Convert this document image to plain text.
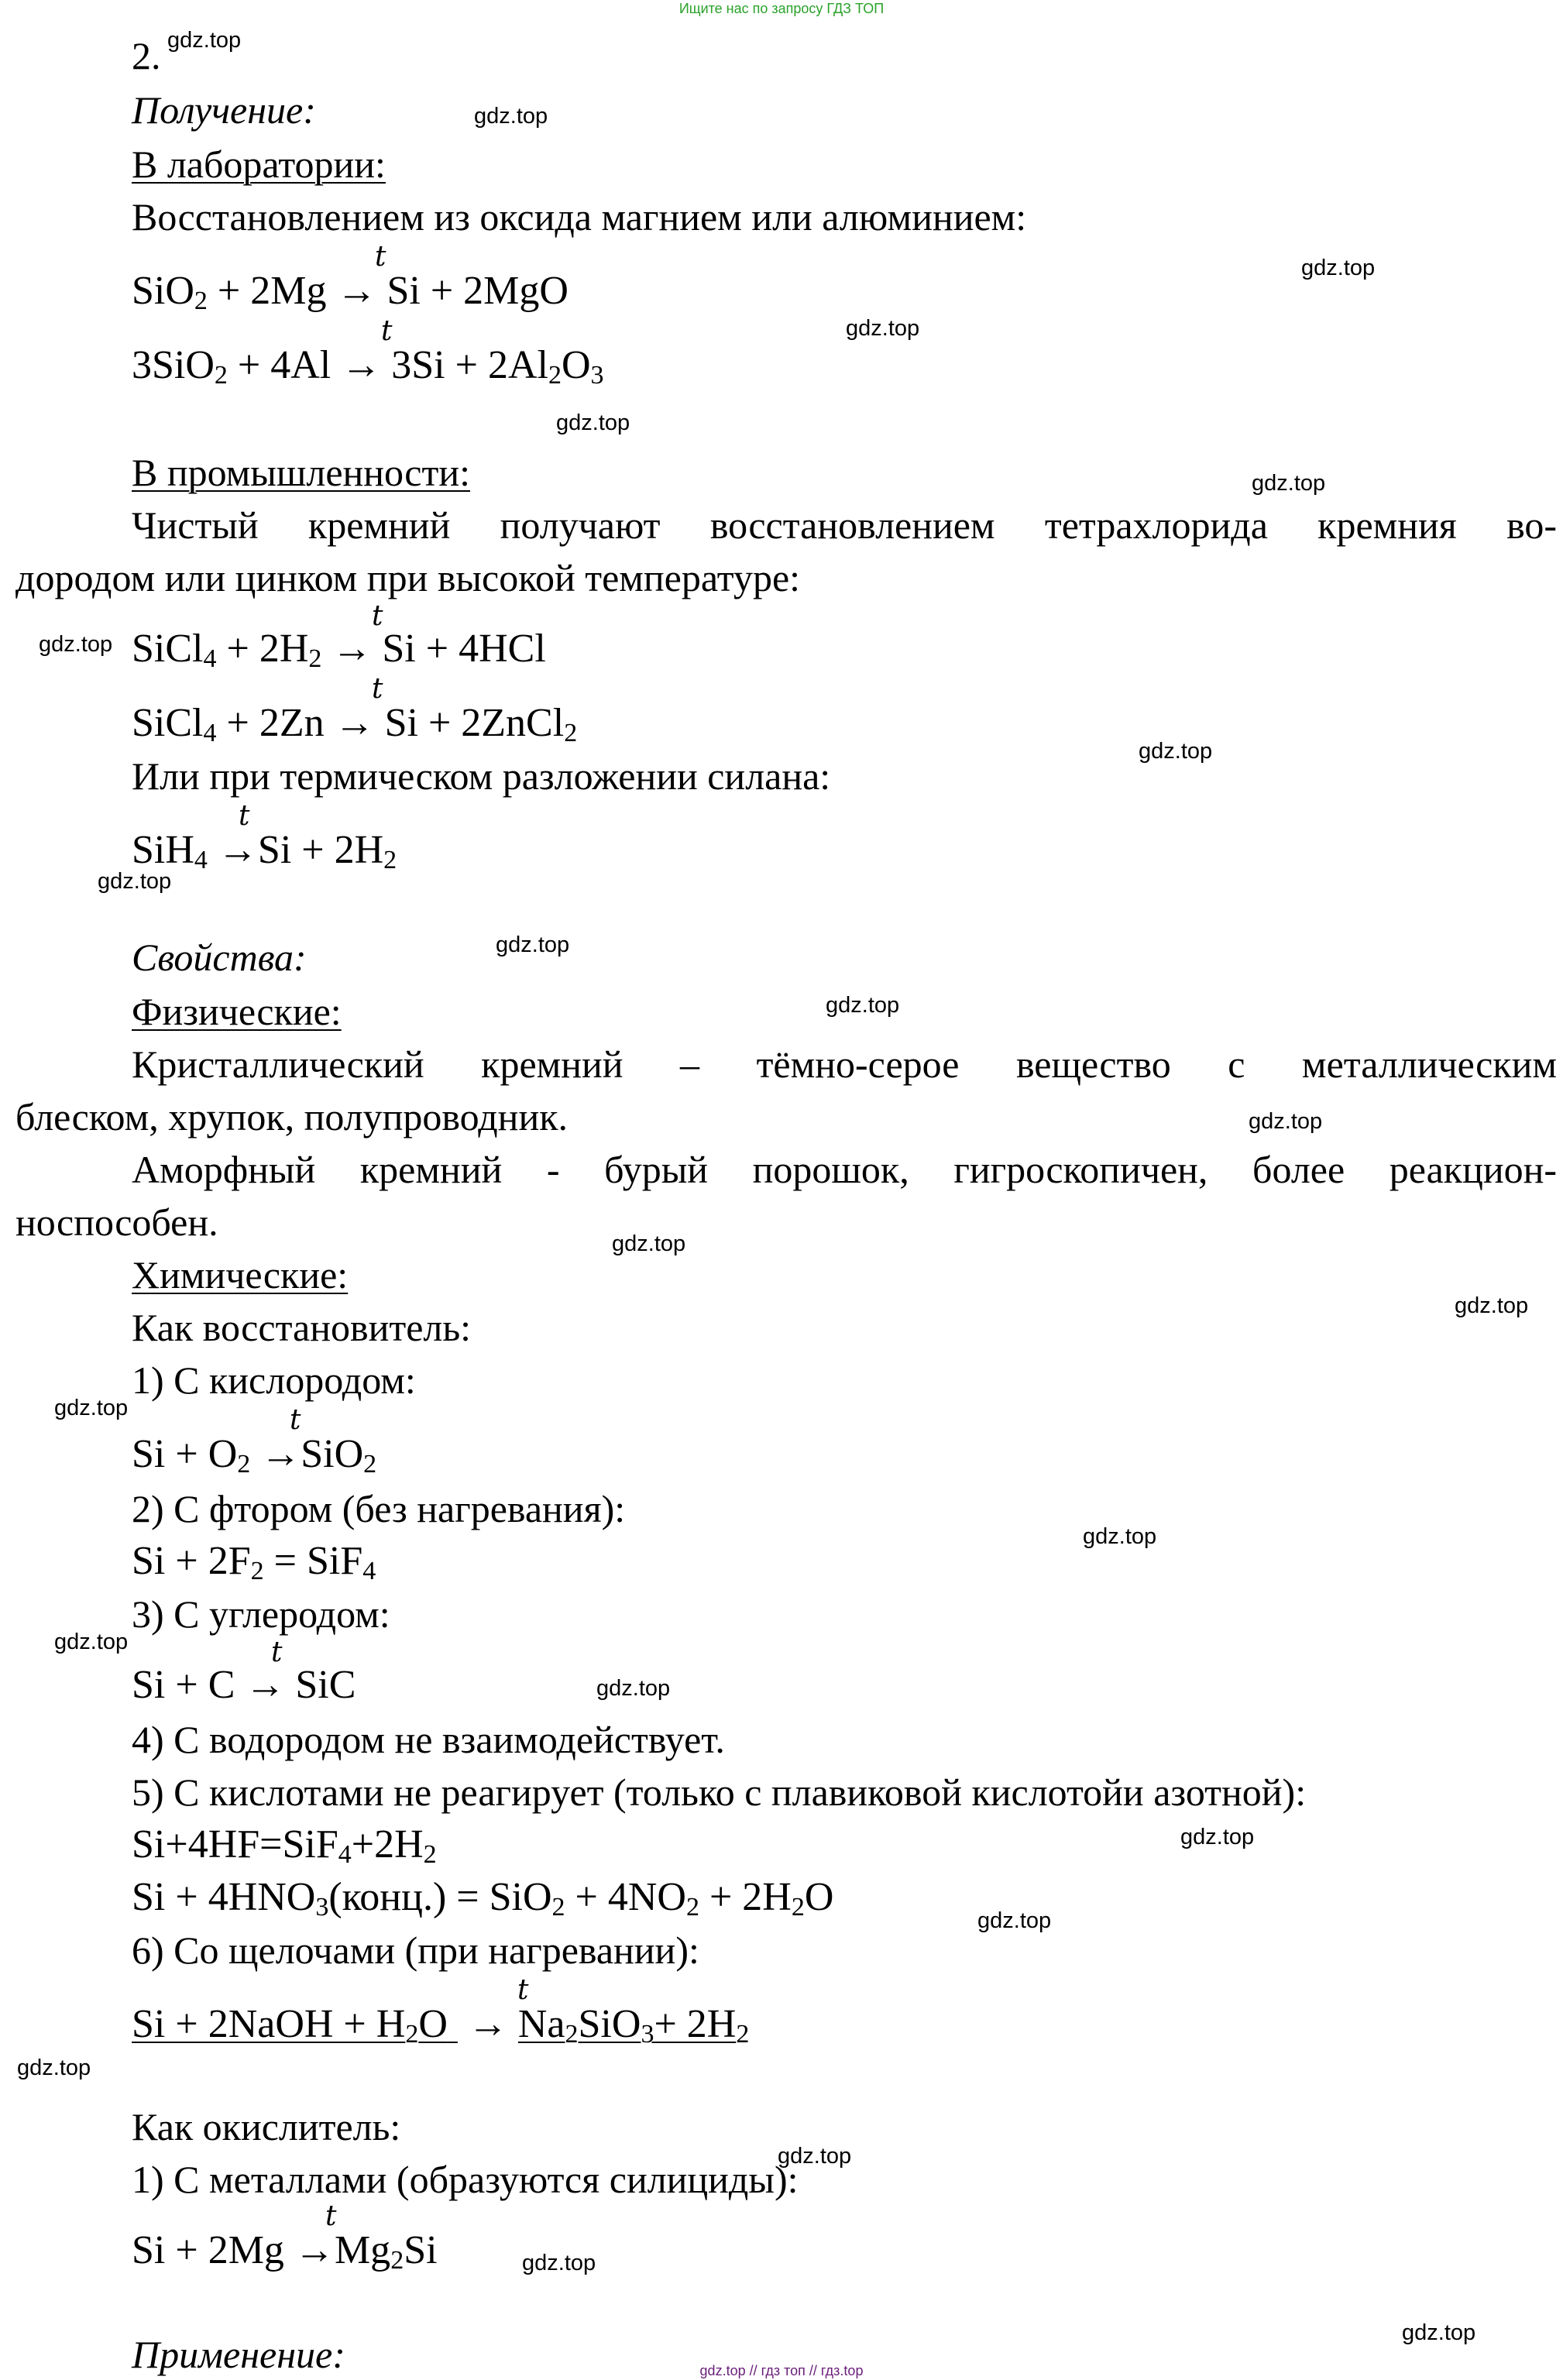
Ищите нас по запросу ГДЗ ТОП
2.
Получение:
В лаборатории:
Восстановлением из оксида магнием или алюминием:
t
SiO$_2$ + 2Mg → Si + 2MgO
t
$3SiO_2 + 4Al \to 3Si + 2Al_2O_3$
В промышленности:
Чистый кремний получают восстановлением тетрахлорида кремния во-
дородом или цинком при высокой температуре:
t
SiCl$_4$ + $2H_2 \to Si + 4HCl$
t
SiCl$_4$ + 2Zn → Si + 2ZnCl$_2$
Или при термическом разложении силана:
t
$SiH_4 \to Si + 2H_2$
Свойства:
Физические:
Кристаллический кремний – тёмно-серое вещество с металлическим
блеском, хрупок, полупроводник.
Аморфный кремний - бурый порошок, гигроскопичен, более реакцион-
носпособен.
Химические:
Как восстановитель:
1) С кислородом:
t
$Si + O_2 \to SiO_2$
2) С фтором (без нагревания):
$Si + 2F_2 = SiF_4$
3) С углеродом:
t
Si + C → SiC
4) С водородом не взаимодействует.
5) С кислотами не реагирует (только с плавиковой кислотойи азотной):
$Si+4HF=SiF_4+2H_2$
$Si + 4HNO_3(конц.) = SiO_2 + 4NO_2 + 2H_2O$
6) Со щелочами (при нагревании):
t
Si + 2NaOH + $H_2O \to Na_2SiO_3+ 2H_2$
Как окислитель:
1) С металлами (образуются силициды):
t
$Si + 2Mg \to Mg_2Si$
Применение:
gdz.top
gdz.top
gdz.top
gdz.top
gdz.top
gdz.top
gdz.top
gdz.top
gdz.top
gdz.top
gdz.top
gdz.top
gdz.top
gdz.top
gdz.top
gdz.top
gdz.top
gdz.top
gdz.top
gdz.top
gdz.top
gdz.top
gdz.top
gdz.top
gdz.top // гдз топ // гдз.top
